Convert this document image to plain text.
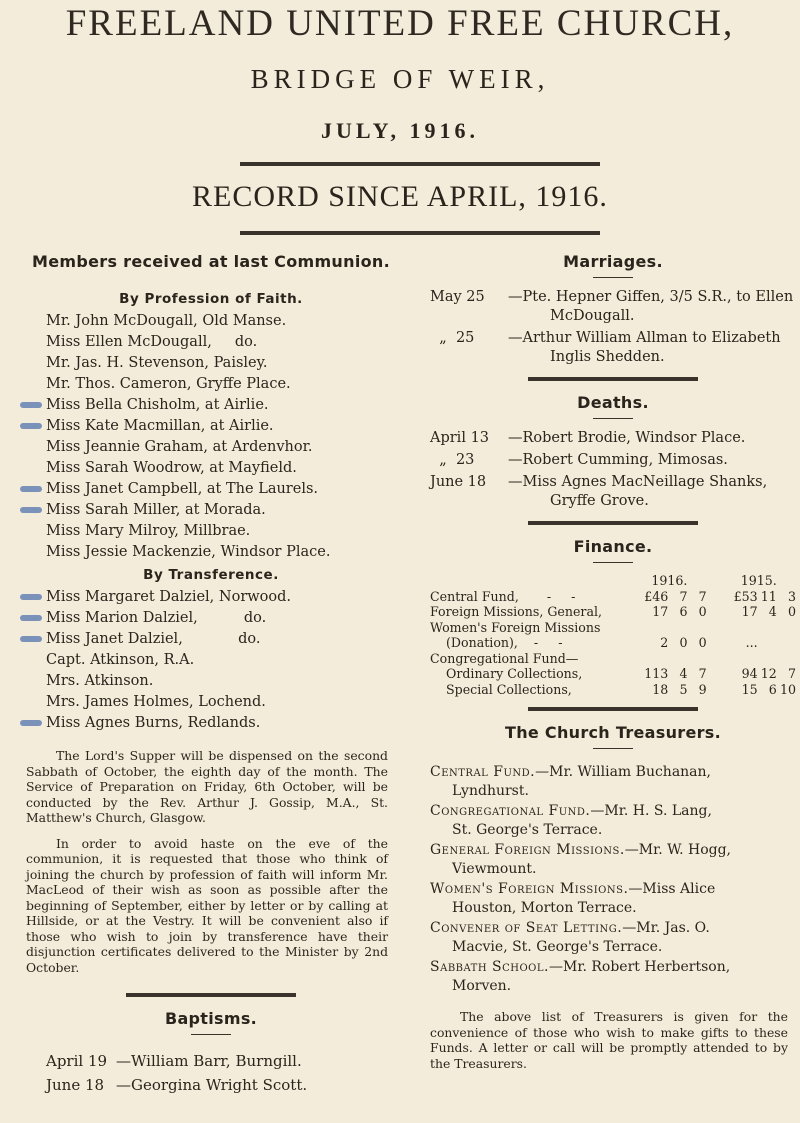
FREELAND UNITED FREE CHURCH,
BRIDGE OF WEIR,
JULY, 1916.
RECORD SINCE APRIL, 1916.
Members received at last Communion.
By Profession of Faith.
Mr. John McDougall, Old Manse.
Miss Ellen McDougall,     do.
Mr. Jas. H. Stevenson, Paisley.
Mr. Thos. Cameron, Gryffe Place.
Miss Bella Chisholm, at Airlie.
Miss Kate Macmillan, at Airlie.
Miss Jeannie Graham, at Ardenvhor.
Miss Sarah Woodrow, at Mayfield.
Miss Janet Campbell, at The Laurels.
Miss Sarah Miller, at Morada.
Miss Mary Milroy, Millbrae.
Miss Jessie Mackenzie, Windsor Place.
By Transference.
Miss Margaret Dalziel, Norwood.
Miss Marion Dalziel,          do.
Miss Janet Dalziel,            do.
Capt. Atkinson, R.A.
Mrs. Atkinson.
Mrs. James Holmes, Lochend.
Miss Agnes Burns, Redlands.
The Lord's Supper will be dispensed on the second Sabbath of October, the eighth day of the month. The Service of Preparation on Friday, 6th October, will be conducted by the Rev. Arthur J. Gossip, M.A., St. Matthew's Church, Glasgow.
In order to avoid haste on the eve of the communion, it is requested that those who think of joining the church by profession of faith will inform Mr. MacLeod of their wish as soon as possible after the beginning of September, either by letter or by calling at Hillside, or at the Vestry. It will be convenient also if those who wish to join by transference have their disjunction certificates delivered to the Minister by 2nd October.
Baptisms.
April 19 —William Barr, Burngill.
June 18 —Georgina Wright Scott.
Marriages.
May 25	—Pte. Hepner Giffen, 3/5 S.R., to Ellen
McDougall.
„  25	—Arthur William Allman to Elizabeth
Inglis Shedden.
Deaths.
April 13	—Robert Brodie, Windsor Place.
„  23	—Robert Cumming, Mimosas.
June 18	—Miss Agnes MacNeillage Shanks,
Gryffe Grove.
Finance.
	1916.				1915.		
Central Fund,       -     -	£46	7	7		£53	11	3
Foreign Missions, General,	17	6	0		17	4	0
Women's Foreign Missions							
(Donation),    -     -	2	0	0		...		
Congregational Fund—							
Ordinary Collections,	113	4	7		94	12	7
Special Collections,	18	5	9		15	6	10
The Church Treasurers.
Central Fund.—Mr. William Buchanan,
Lyndhurst.
Congregational Fund.—Mr. H. S. Lang,
St. George's Terrace.
General Foreign Missions.—Mr. W. Hogg,
Viewmount.
Women's Foreign Missions.—Miss Alice
Houston, Morton Terrace.
Convener of Seat Letting.—Mr. Jas. O.
Macvie, St. George's Terrace.
Sabbath School.—Mr. Robert Herbertson,
Morven.
The above list of Treasurers is given for the convenience of those who wish to make gifts to these Funds. A letter or call will be promptly attended to by the Treasurers.
